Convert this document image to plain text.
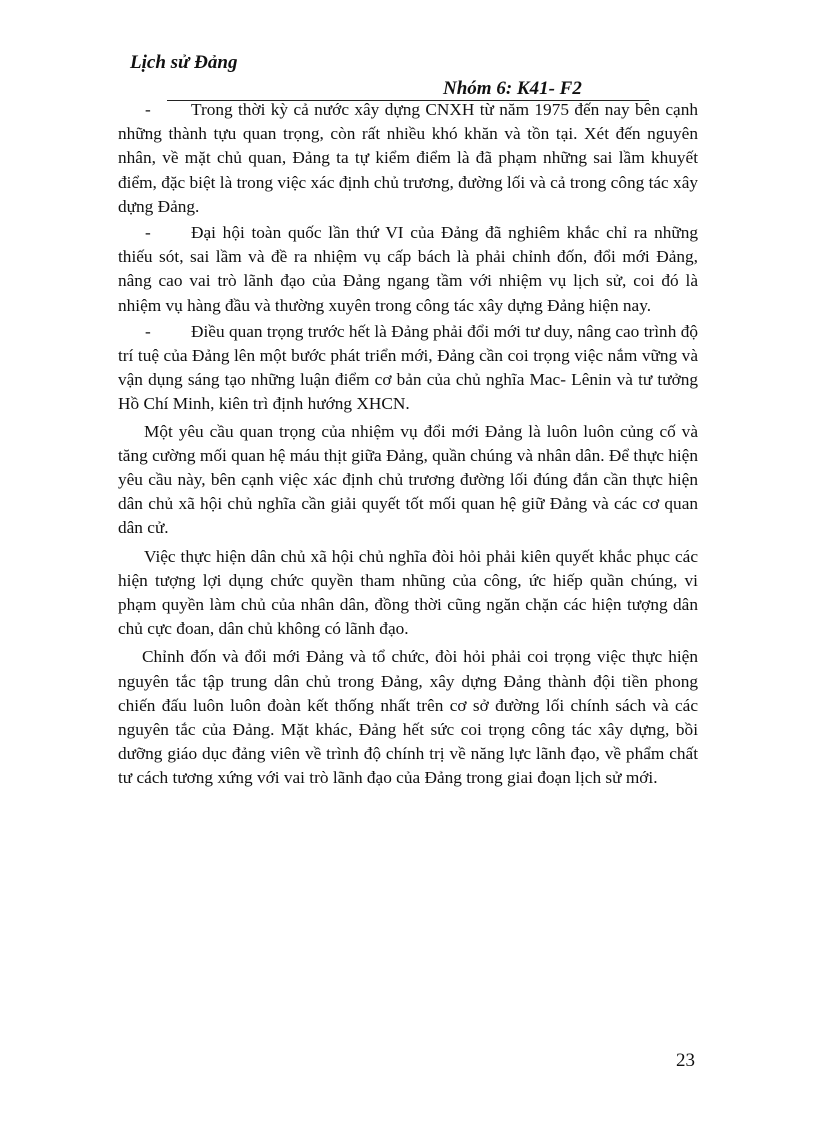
Lịch sử Đảng
Nhóm 6: K41- F2

- Trong thời kỳ cả nước xây dựng CNXH từ năm 1975 đến nay bên cạnh những thành tựu quan trọng, còn rất nhiều khó khăn và tồn tại. Xét đến nguyên nhân, về mặt chủ quan, Đảng ta tự kiểm điểm là đã phạm những sai lầm khuyết điểm, đặc biệt là trong việc xác định chủ trương, đường lối và cả trong công tác xây dựng Đảng.

- Đại hội toàn quốc lần thứ VI của Đảng đã nghiêm khắc chỉ ra những thiếu sót, sai lầm và đề ra nhiệm vụ cấp bách là phải chỉnh đốn, đổi mới Đảng, nâng cao vai trò lãnh đạo của Đảng ngang tầm với nhiệm vụ lịch sử, coi đó là nhiệm vụ hàng đầu và thường xuyên trong công tác xây dựng Đảng hiện nay.

- Điều quan trọng trước hết là Đảng phải đổi mới tư duy, nâng cao trình độ trí tuệ của Đảng lên một bước phát triển mới, Đảng cần coi trọng việc nắm vững và vận dụng sáng tạo những luận điểm cơ bản của chủ nghĩa Mac- Lênin và tư tưởng Hồ Chí Minh, kiên trì định hướng XHCN.

Một yêu cầu quan trọng của nhiệm vụ đổi mới Đảng là luôn luôn củng cố và tăng cường mối quan hệ máu thịt giữa Đảng, quần chúng và nhân dân. Để thực hiện yêu cầu này, bên cạnh việc xác định chủ trương đường lối đúng đắn cần thực hiện dân chủ xã hội chủ nghĩa cần giải quyết tốt mối quan hệ giữ Đảng và các cơ quan dân cử.

Việc thực hiện dân chủ xã hội chủ nghĩa đòi hỏi phải kiên quyết khắc phục các hiện tượng lợi dụng chức quyền tham nhũng của công, ức hiếp quần chúng, vi phạm quyền làm chủ của nhân dân, đồng thời cũng ngăn chặn các hiện tượng dân chủ cực đoan, dân chủ không có lãnh đạo.

Chỉnh đốn và đổi mới Đảng và tổ chức, đòi hỏi phải coi trọng việc thực hiện nguyên tắc tập trung dân chủ trong Đảng, xây dựng Đảng thành đội tiền phong chiến đấu luôn luôn đoàn kết thống nhất trên cơ sở đường lối chính sách và các nguyên tắc của Đảng. Mặt khác, Đảng hết sức coi trọng công tác xây dựng, bồi dưỡng giáo dục đảng viên về trình độ chính trị về năng lực lãnh đạo, về phẩm chất tư cách tương xứng với vai trò lãnh đạo của Đảng trong giai đoạn lịch sử mới.

23
